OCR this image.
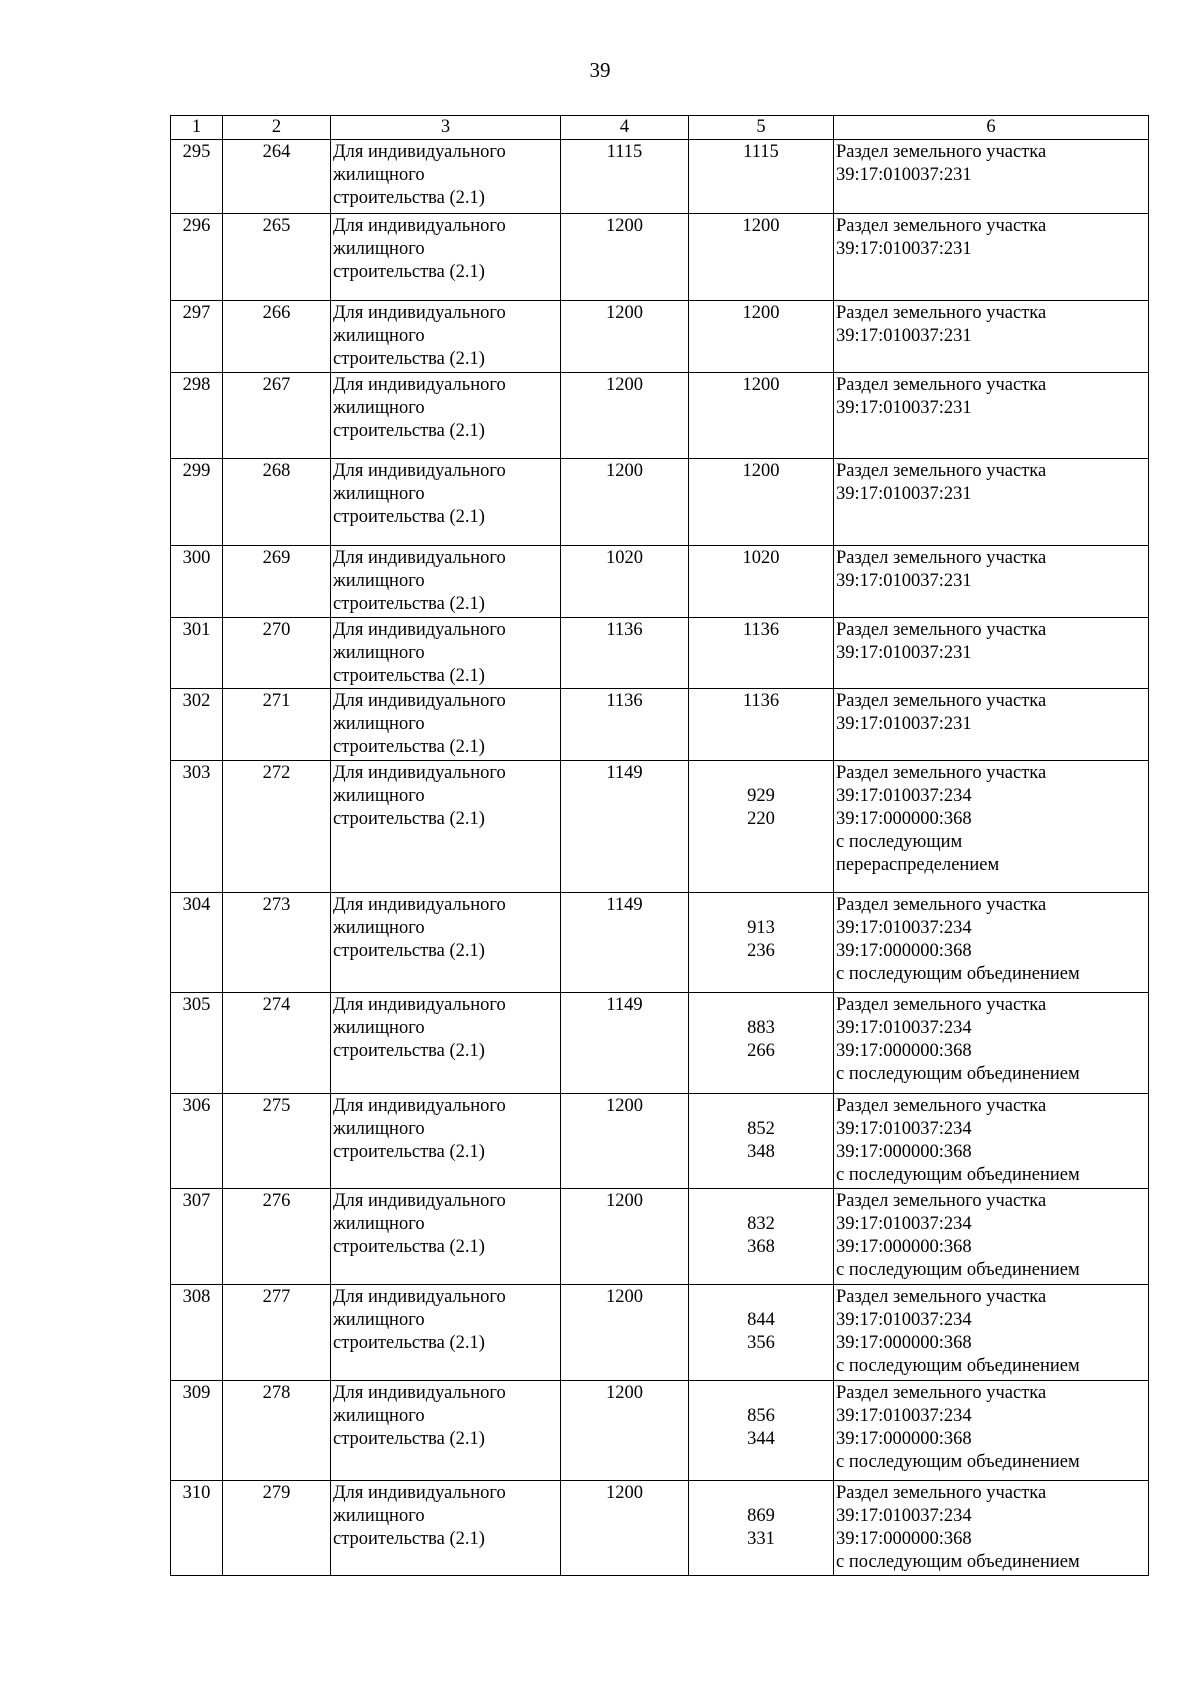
39
1	2	3	4	5	6

295	264	Для индивидуального
жилищного
строительства (2.1)	1115	1115	Раздел земельного участка
39:17:010037:231

296	265	Для индивидуального
жилищного
строительства (2.1)	1200	1200	Раздел земельного участка
39:17:010037:231

297	266	Для индивидуального
жилищного
строительства (2.1)	1200	1200	Раздел земельного участка
39:17:010037:231

298	267	Для индивидуального
жилищного
строительства (2.1)	1200	1200	Раздел земельного участка
39:17:010037:231

299	268	Для индивидуального
жилищного
строительства (2.1)	1200	1200	Раздел земельного участка
39:17:010037:231

300	269	Для индивидуального
жилищного
строительства (2.1)	1020	1020	Раздел земельного участка
39:17:010037:231

301	270	Для индивидуального
жилищного
строительства (2.1)	1136	1136	Раздел земельного участка
39:17:010037:231

302	271	Для индивидуального
жилищного
строительства (2.1)	1136	1136	Раздел земельного участка
39:17:010037:231

303	272	Для индивидуального
жилищного
строительства (2.1)	1149	929
220	Раздел земельного участка
39:17:010037:234
39:17:000000:368
с последующим
перераспределением

304	273	Для индивидуального
жилищного
строительства (2.1)	1149	913
236	Раздел земельного участка
39:17:010037:234
39:17:000000:368
с последующим объединением

305	274	Для индивидуального
жилищного
строительства (2.1)	1149	883
266	Раздел земельного участка
39:17:010037:234
39:17:000000:368
с последующим объединением

306	275	Для индивидуального
жилищного
строительства (2.1)	1200	852
348	Раздел земельного участка
39:17:010037:234
39:17:000000:368
с последующим объединением

307	276	Для индивидуального
жилищного
строительства (2.1)	1200	832
368	Раздел земельного участка
39:17:010037:234
39:17:000000:368
с последующим объединением

308	277	Для индивидуального
жилищного
строительства (2.1)	1200	844
356	Раздел земельного участка
39:17:010037:234
39:17:000000:368
с последующим объединением

309	278	Для индивидуального
жилищного
строительства (2.1)	1200	856
344	Раздел земельного участка
39:17:010037:234
39:17:000000:368
с последующим объединением

310	279	Для индивидуального
жилищного
строительства (2.1)	1200	869
331	Раздел земельного участка
39:17:010037:234
39:17:000000:368
с последующим объединением
